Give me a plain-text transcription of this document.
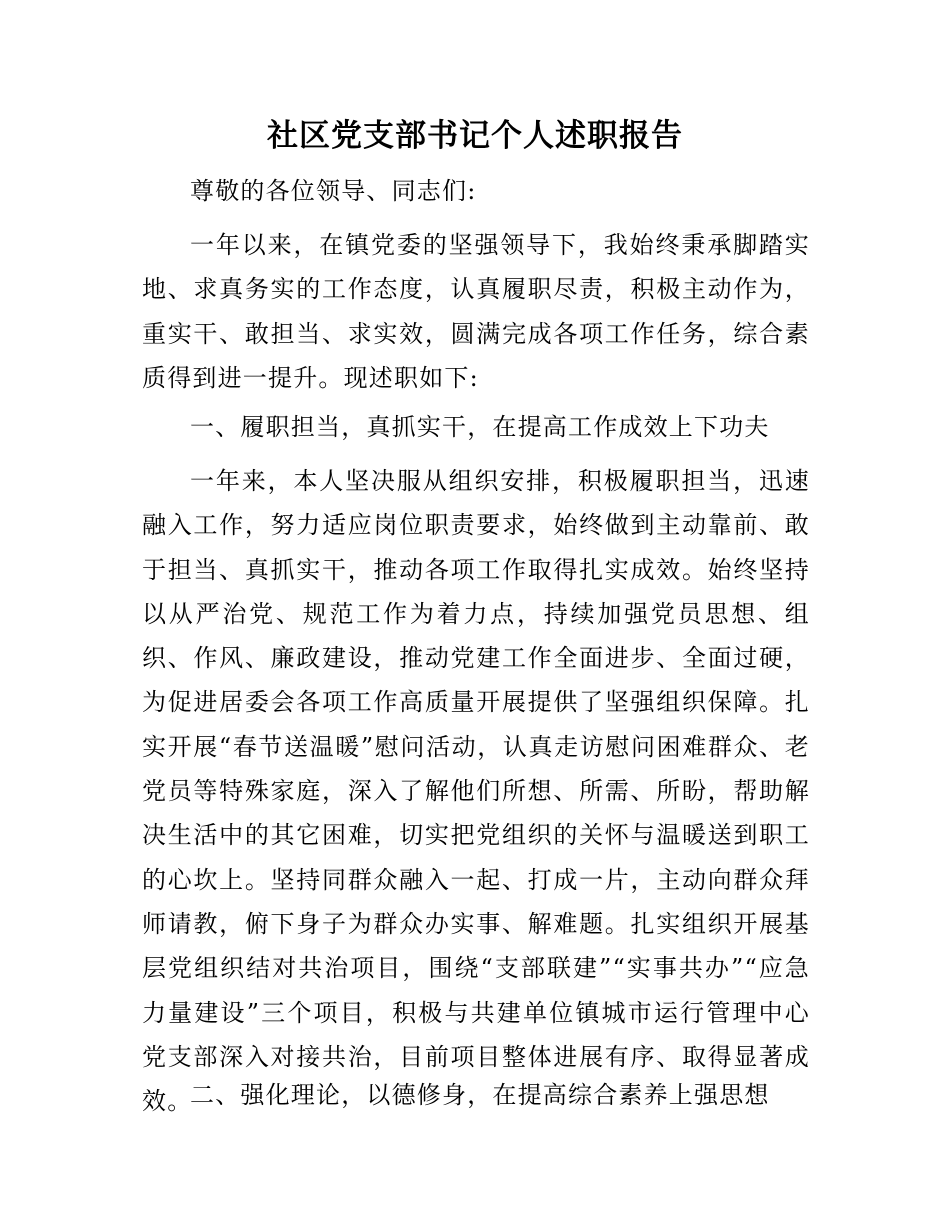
社区党支部书记个人述职报告

尊敬的各位领导、同志们:

一年以来，在镇党委的坚强领导下，我始终秉承脚踏实地、求真务实的工作态度，认真履职尽责，积极主动作为，重实干、敢担当、求实效，圆满完成各项工作任务，综合素质得到进一提升。现述职如下:

一、履职担当，真抓实干，在提高工作成效上下功夫

一年来，本人坚决服从组织安排，积极履职担当，迅速融入工作，努力适应岗位职责要求，始终做到主动靠前、敢于担当、真抓实干，推动各项工作取得扎实成效。始终坚持以从严治党、规范工作为着力点，持续加强党员思想、组织、作风、廉政建设，推动党建工作全面进步、全面过硬，为促进居委会各项工作高质量开展提供了坚强组织保障。扎实开展“春节送温暖”慰问活动，认真走访慰问困难群众、老党员等特殊家庭，深入了解他们所想、所需、所盼，帮助解决生活中的其它困难，切实把党组织的关怀与温暖送到职工的心坎上。坚持同群众融入一起、打成一片，主动向群众拜师请教，俯下身子为群众办实事、解难题。扎实组织开展基层党组织结对共治项目，围绕“支部联建”“实事共办”“应急力量建设”三个项目，积极与共建单位镇城市运行管理中心党支部深入对接共治，目前项目整体进展有序、取得显著成效。

二、强化理论，以德修身，在提高综合素养上强思想
